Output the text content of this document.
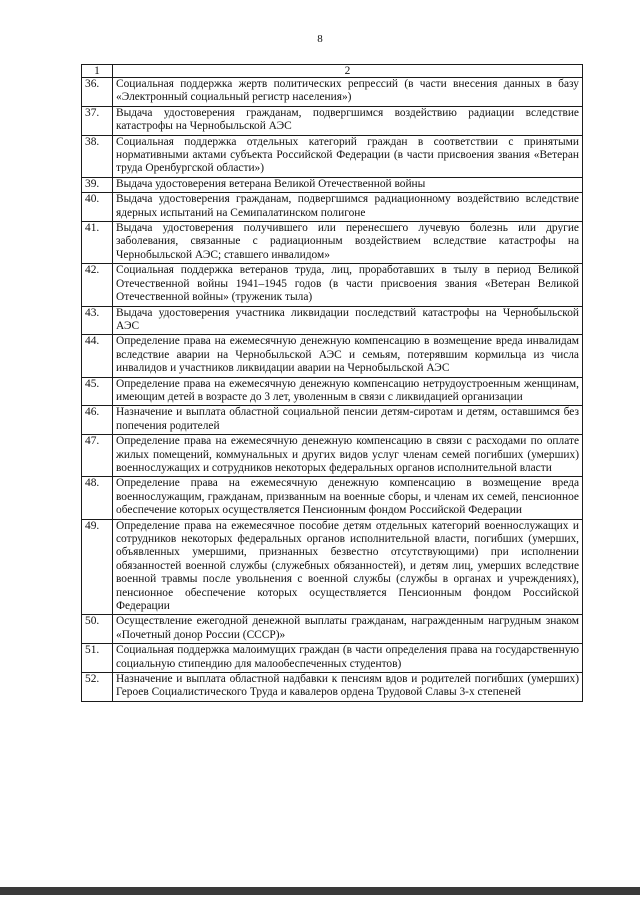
8
1	2
36.	Социальная поддержка жертв политических репрессий (в части внесения данных в базу «Электронный социальный регистр населения»)
37.	Выдача удостоверения гражданам, подвергшимся воздействию радиации вследствие катастрофы на Чернобыльской АЭС
38.	Социальная поддержка отдельных категорий граждан в соответствии с принятыми нормативными актами субъекта Российской Федерации (в части присвоения звания «Ветеран труда Оренбургской области»)
39.	Выдача удостоверения ветерана Великой Отечественной войны
40.	Выдача удостоверения гражданам, подвергшимся радиационному воздействию вследствие ядерных испытаний на Семипалатинском полигоне
41.	Выдача удостоверения получившего или перенесшего лучевую болезнь или другие заболевания, связанные с радиационным воздействием вследствие катастрофы на Чернобыльской АЭС; ставшего инвалидом»
42.	Социальная поддержка ветеранов труда, лиц, проработавших в тылу в период Великой Отечественной войны 1941–1945 годов (в части присвоения звания «Ветеран Великой Отечественной войны» (труженик тыла)
43.	Выдача удостоверения участника ликвидации последствий катастрофы на Чернобыльской АЭС
44.	Определение права на ежемесячную денежную компенсацию в возмещение вреда инвалидам вследствие аварии на Чернобыльской АЭС и семьям, потерявшим кормильца из числа инвалидов и участников ликвидации аварии на Чернобыльской АЭС
45.	Определение права на ежемесячную денежную компенсацию нетрудоустроенным женщинам, имеющим детей в возрасте до 3 лет, уволенным в связи с ликвидацией организации
46.	Назначение и выплата областной социальной пенсии детям-сиротам и детям, оставшимся без попечения родителей
47.	Определение права на ежемесячную денежную компенсацию в связи с расходами по оплате жилых помещений, коммунальных и других видов услуг членам семей погибших (умерших) военнослужащих и сотрудников некоторых федеральных органов исполнительной власти
48.	Определение права на ежемесячную денежную компенсацию в возмещение вреда военнослужащим, гражданам, призванным на военные сборы, и членам их семей, пенсионное обеспечение которых осуществляется Пенсионным фондом Российской Федерации
49.	Определение права на ежемесячное пособие детям отдельных категорий военнослужащих и сотрудников некоторых федеральных органов исполнительной власти, погибших (умерших, объявленных умершими, признанных безвестно отсутствующими) при исполнении обязанностей военной службы (служебных обязанностей), и детям лиц, умерших вследствие военной травмы после увольнения с военной службы (службы в органах и учреждениях), пенсионное обеспечение которых осуществляется Пенсионным фондом Российской Федерации
50.	Осуществление ежегодной денежной выплаты гражданам, награжденным нагрудным знаком «Почетный донор России (СССР)»
51.	Социальная поддержка малоимущих граждан (в части определения права на государственную социальную стипендию для малообеспеченных студентов)
52.	Назначение и выплата областной надбавки к пенсиям вдов и родителей погибших (умерших) Героев Социалистического Труда и кавалеров ордена Трудовой Славы 3-х степеней
